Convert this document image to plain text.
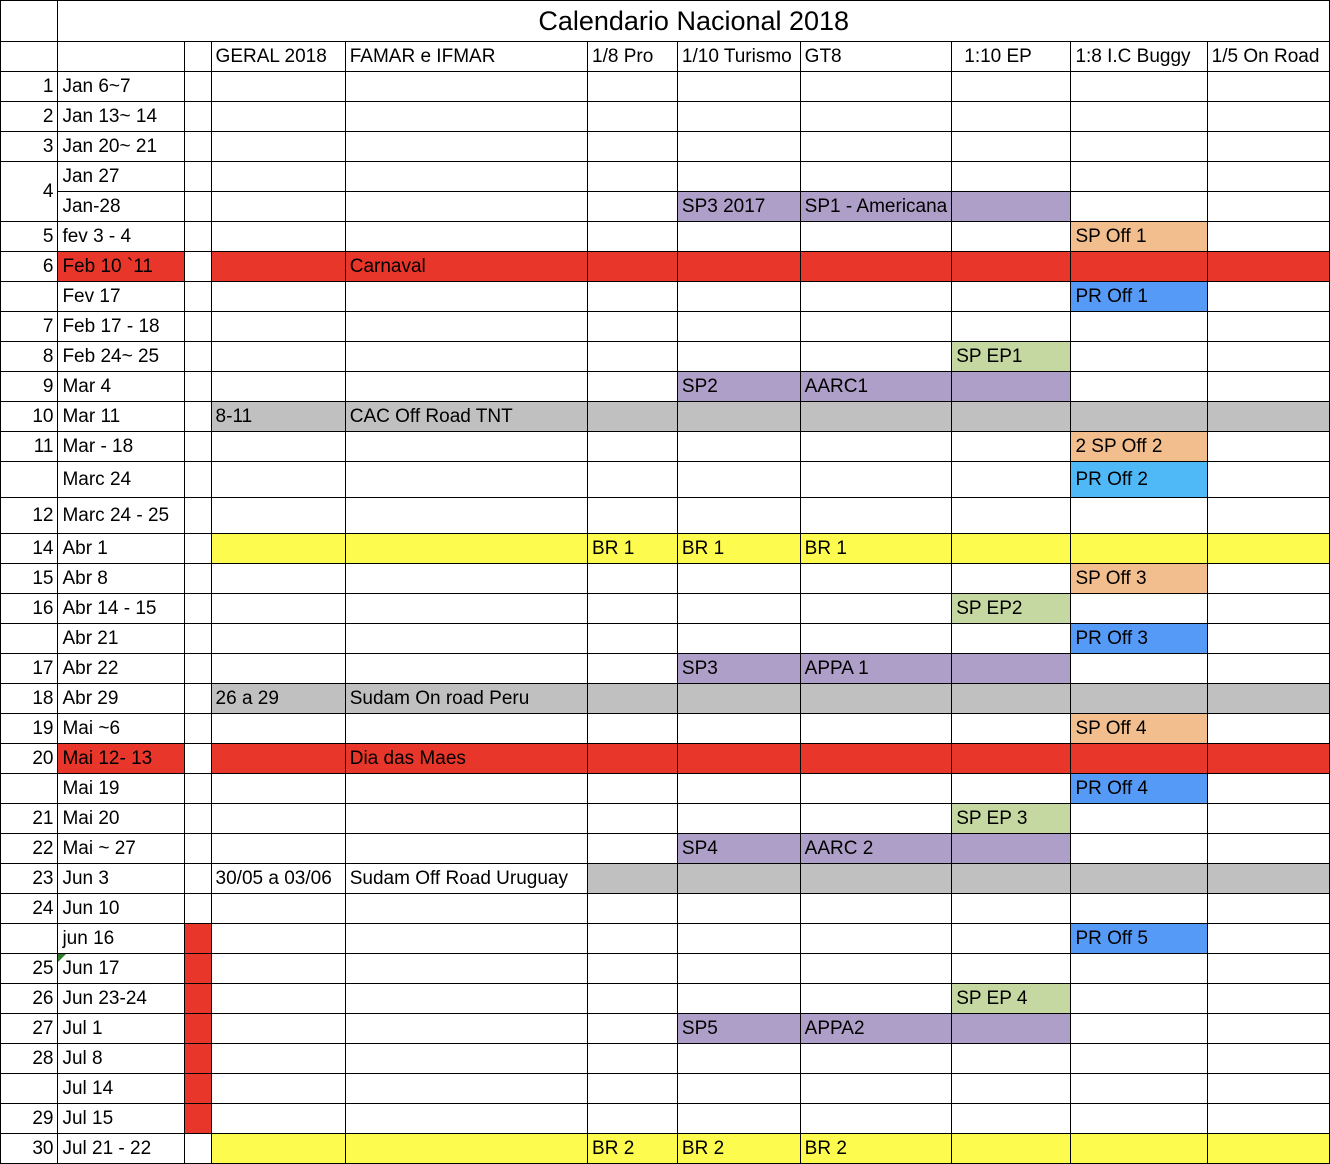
	Calendario Nacional 2018									
			GERAL 2018	FAMAR e IFMAR	1/8 Pro	1/10 Turismo	GT8	1:10 EP	1:8 I.C Buggy	1/5 On Road
1	Jan 6~7									
2	Jan 13~ 14									
3	Jan 20~ 21									
4	Jan 27									
	Jan-28					SP3 2017	SP1 - Americana			
5	fev 3 - 4								SP Off 1	
6	Feb 10 `11			Carnaval						
	Fev 17								PR Off 1	
7	Feb 17 - 18									
8	Feb 24~ 25							SP EP1		
9	Mar 4					SP2	AARC1			
10	Mar 11		8-11	CAC Off Road TNT						
11	Mar - 18								2 SP Off 2	
	Marc 24								PR Off 2	
12	Marc 24 - 25									
14	Abr 1				BR 1	BR 1	BR 1			
15	Abr 8								SP Off 3	
16	Abr 14 - 15							SP EP2		
	Abr 21								PR Off 3	
17	Abr 22					SP3	APPA 1			
18	Abr 29		26 a 29	Sudam On road Peru						
19	Mai ~6								SP Off 4	
20	Mai 12- 13			Dia das Maes						
	Mai 19								PR Off 4	
21	Mai 20							SP EP 3		
22	Mai ~ 27					SP4	AARC 2			
23	Jun 3		30/05 a 03/06	Sudam Off Road Uruguay						
24	Jun 10									
	jun 16								PR Off 5	
25	Jun 17									
26	Jun 23-24							SP EP 4		
27	Jul 1					SP5	APPA2			
28	Jul 8									
	Jul 14									
29	Jul 15									
30	Jul 21 - 22				BR 2	BR 2	BR 2			
